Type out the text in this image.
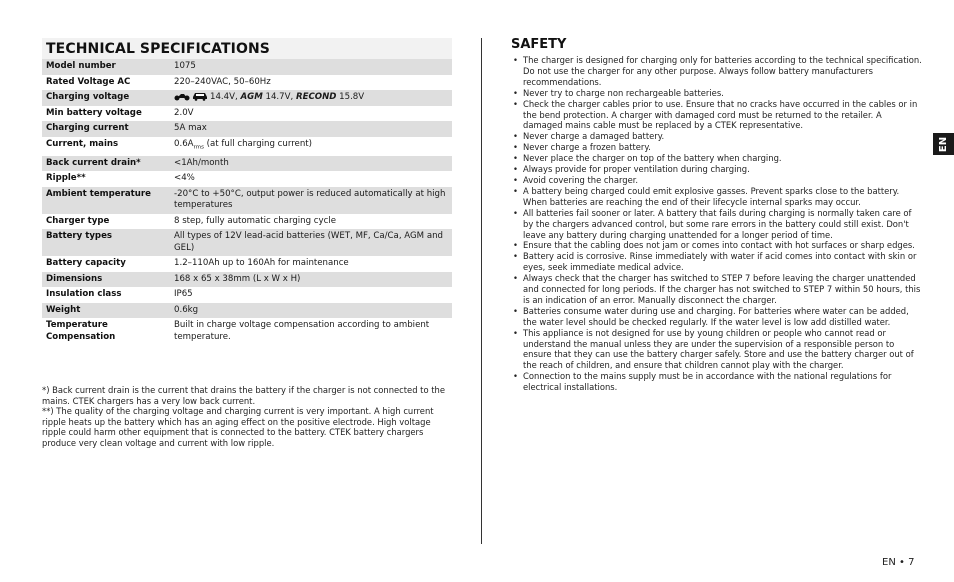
TECHNICAL SPECIFICATIONS
Model number	1075
Rated Voltage AC	220–240VAC, 50–60Hz
Charging voltage	14.4V, AGM 14.7V, RECOND 15.8V
Min battery voltage	2.0V
Charging current	5A max
Current, mains	$0.6A_{rms}$ (at full charging current)
Back current drain*	<1Ah/month
Ripple**	<4%
Ambient temperature	-20°C to +50°C, output power is reduced automatically at high temperatures
Charger type	8 step, fully automatic charging cycle
Battery types	All types of 12V lead-acid batteries (WET, MF, Ca/Ca, AGM and GEL)
Battery capacity	1.2–110Ah up to 160Ah for maintenance
Dimensions	168 x 65 x 38mm (L x W x H)
Insulation class	IP65
Weight	0.6kg
Temperature Compensation	Built in charge voltage compensation according to ambient temperature.

*) Back current drain is the current that drains the battery if the charger is not connected to the mains. CTEK chargers has a very low back current.

**) The quality of the charging voltage and charging current is very important. A high current ripple heats up the battery which has an aging effect on the positive electrode. High voltage ripple could harm other equipment that is connected to the battery. CTEK battery chargers produce very clean voltage and current with low ripple.

SAFETY
• The charger is designed for charging only for batteries according to the technical specification. Do not use the charger for any other purpose. Always follow battery manufacturers recommendations.
• Never try to charge non rechargeable batteries.
• Check the charger cables prior to use. Ensure that no cracks have occurred in the cables or in the bend protection. A charger with damaged cord must be returned to the retailer. A damaged mains cable must be replaced by a CTEK representative.
• Never charge a damaged battery.
• Never charge a frozen battery.
• Never place the charger on top of the battery when charging.
• Always provide for proper ventilation during charging.
• Avoid covering the charger.
• A battery being charged could emit explosive gasses. Prevent sparks close to the battery. When batteries are reaching the end of their lifecycle internal sparks may occur.
• All batteries fail sooner or later. A battery that fails during charging is normally taken care of by the chargers advanced control, but some rare errors in the battery could still exist. Don't leave any battery during charging unattended for a longer period of time.
• Ensure that the cabling does not jam or comes into contact with hot surfaces or sharp edges.
• Battery acid is corrosive. Rinse immediately with water if acid comes into contact with skin or eyes, seek immediate medical advice.
• Always check that the charger has switched to STEP 7 before leaving the charger unattended and connected for long periods. If the charger has not switched to STEP 7 within 50 hours, this is an indication of an error. Manually disconnect the charger.
• Batteries consume water during use and charging. For batteries where water can be added, the water level should be checked regularly. If the water level is low add distilled water.
• This appliance is not designed for use by young children or people who cannot read or understand the manual unless they are under the supervision of a responsible person to ensure that they can use the battery charger safely. Store and use the battery charger out of the reach of children, and ensure that children cannot play with the charger.
• Connection to the mains supply must be in accordance with the national regulations for electrical installations.
EN
EN • 7
